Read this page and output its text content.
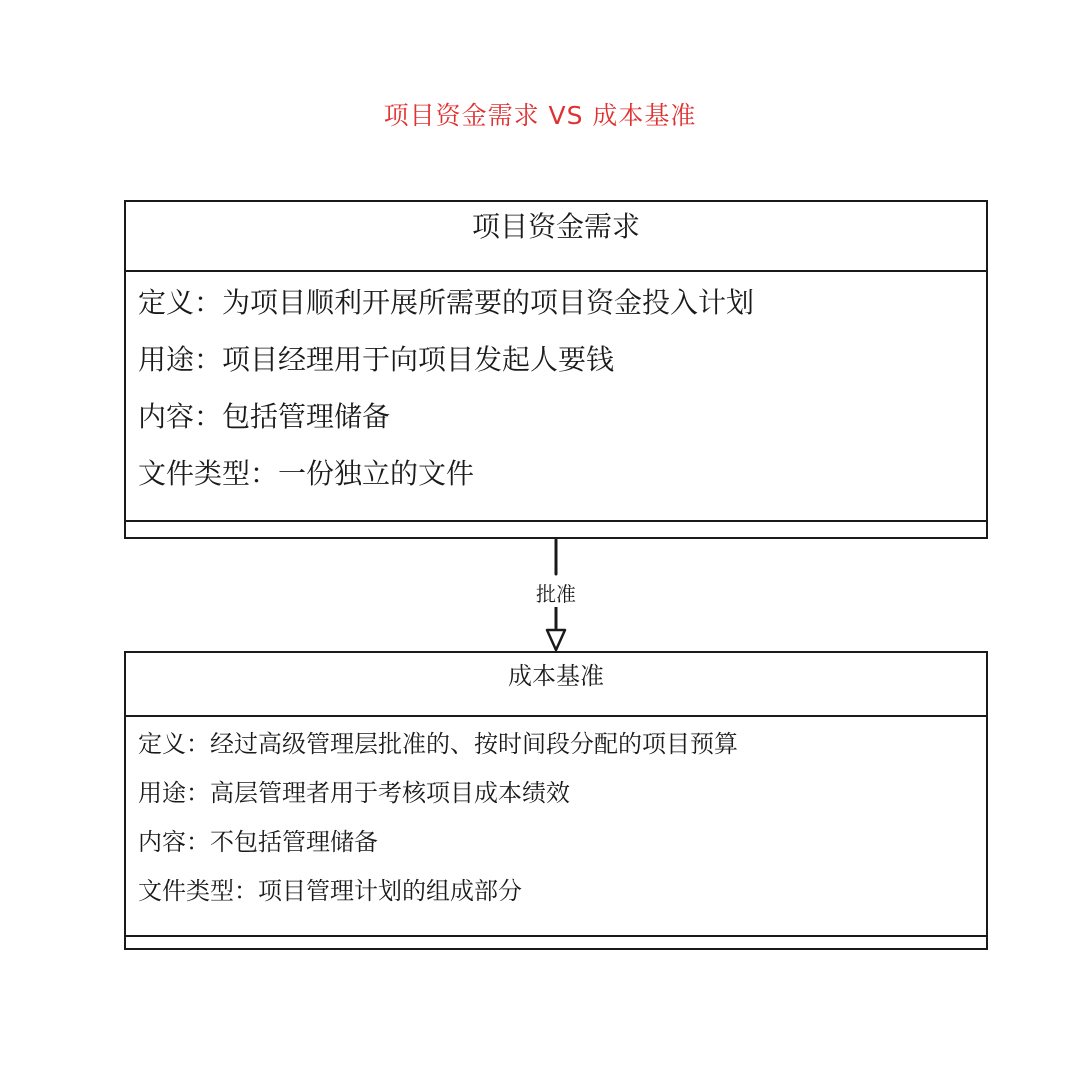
项目资金需求 VS 成本基准
项目资金需求
定义：为项目顺利开展所需要的项目资金投入计划
用途：项目经理用于向项目发起人要钱
内容：包括管理储备
文件类型：一份独立的文件
批准
成本基准
定义：经过高级管理层批准的、按时间段分配的项目预算
用途：高层管理者用于考核项目成本绩效
内容：不包括管理储备
文件类型：项目管理计划的组成部分
